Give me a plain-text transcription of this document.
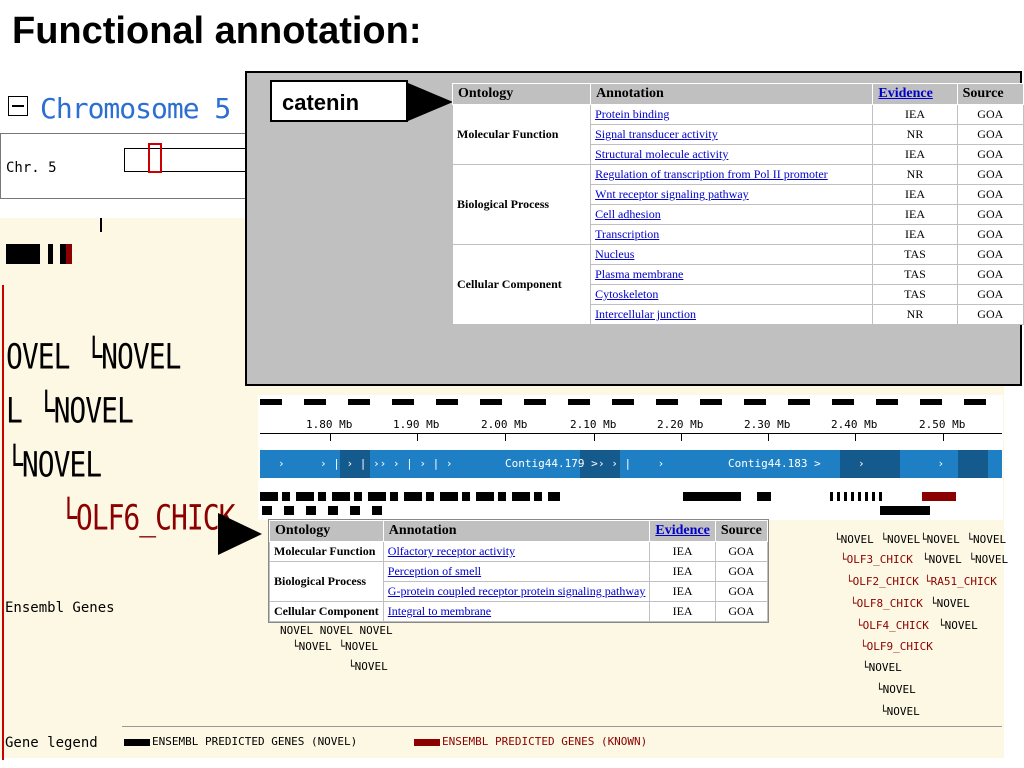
Functional annotation:
Chromosome 5
Chr. 5
OVEL └NOVEL
L └NOVEL
└NOVEL
└OLF6_CHICK
Ensembl Genes
1.80 Mb	1.90 Mb	2.00 Mb	2.10 Mb	2.20 Mb	2.30 Mb	2.40 Mb	2.50 Mb
›	› | › | ›› › | › | ›	Contig44.179 > › › |    ›	Contig44.183 >	›           ›          ›
NOVEL NOVEL NOVEL
└NOVEL └NOVEL
└NOVEL
└NOVEL └NOVEL
└OLF3_CHICK
└OLF2_CHICK
└OLF8_CHICK
└OLF4_CHICK
└OLF9_CHICK
└NOVEL
└NOVEL
└NOVEL
└NOVEL └NOVEL
└NOVEL └NOVEL
└RA51_CHICK
└NOVEL
└NOVEL
Gene legend	ENSEMBL PREDICTED GENES (NOVEL)	ENSEMBL PREDICTED GENES (KNOWN)
catenin	Ontology	Annotation	Evidence	Source
Molecular Function	Protein binding	IEA	GOA
	Signal transducer activity	NR	GOA
	Structural molecule activity	IEA	GOA
Biological Process	Regulation of transcription from Pol II promoter	NR	GOA
	Wnt receptor signaling pathway	IEA	GOA
	Cell adhesion	IEA	GOA
	Transcription	IEA	GOA
Cellular Component	Nucleus	TAS	GOA
	Plasma membrane	TAS	GOA
	Cytoskeleton	TAS	GOA
	Intercellular junction	NR	GOA
Ontology	Annotation	Evidence	Source
Molecular Function	Olfactory receptor activity	IEA	GOA
Biological Process	Perception of smell	IEA	GOA
	G-protein coupled receptor protein signaling pathway	IEA	GOA
Cellular Component	Integral to membrane	IEA	GOA
